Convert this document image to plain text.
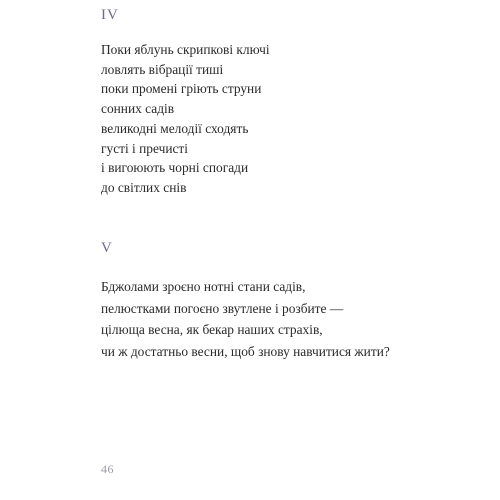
IV
Поки яблунь скрипкові ключі
ловлять вібрації тиші
поки промені гріють струни
сонних садів
великодні мелодії сходять
густі і пречисті
і вигоюють чорні спогади
до світлих снів
V
Бджолами зроєно нотні стани садів,
пелюстками погоєно звутлене і розбите —
цілюща весна, як бекар наших страхів,
чи ж достатньо весни, щоб знову навчитися жити?
46
